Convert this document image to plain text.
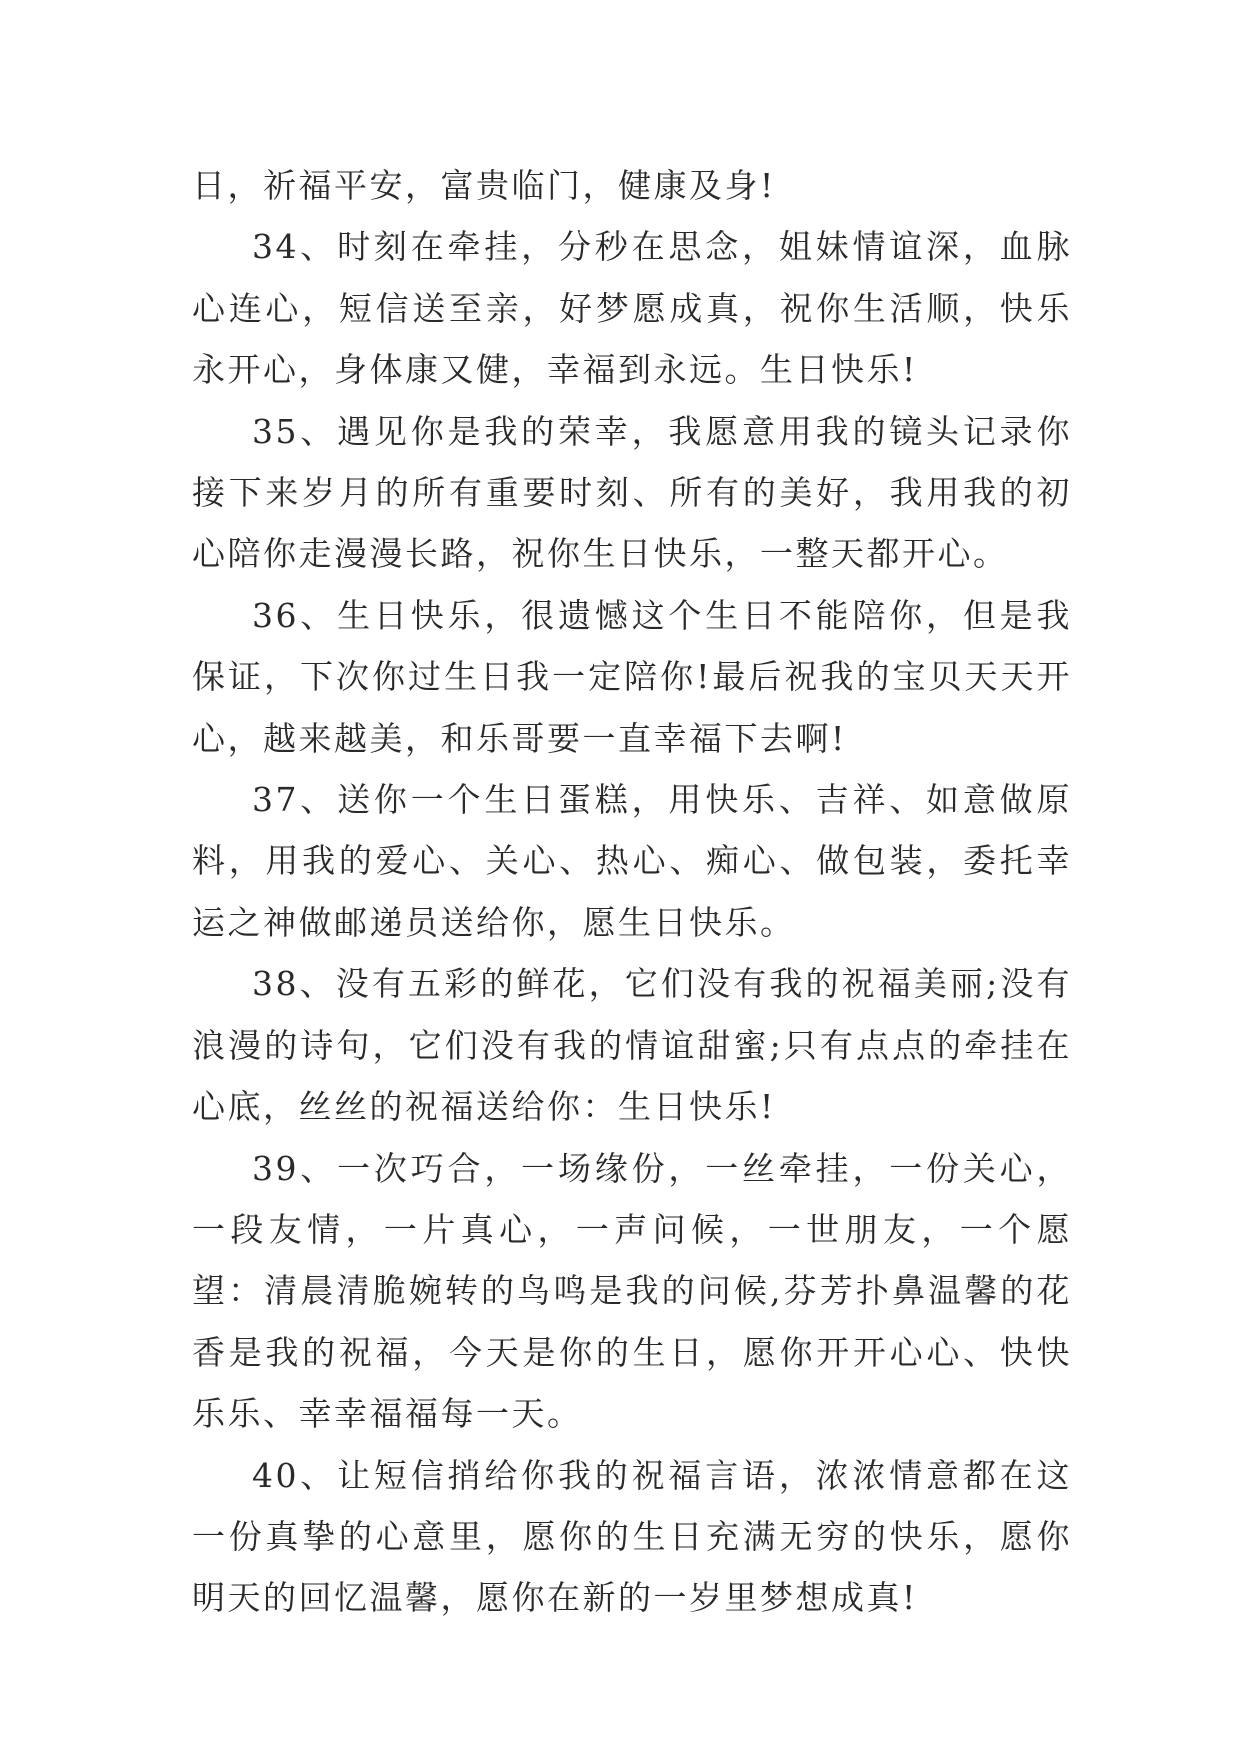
日，祈福平安，富贵临门，健康及身!

34、时刻在牵挂，分秒在思念，姐妹情谊深，血脉心连心，短信送至亲，好梦愿成真，祝你生活顺，快乐永开心，身体康又健，幸福到永远。生日快乐!

35、遇见你是我的荣幸，我愿意用我的镜头记录你接下来岁月的所有重要时刻、所有的美好，我用我的初心陪你走漫漫长路，祝你生日快乐，一整天都开心。

36、生日快乐，很遗憾这个生日不能陪你，但是我保证，下次你过生日我一定陪你!最后祝我的宝贝天天开心，越来越美，和乐哥要一直幸福下去啊!

37、送你一个生日蛋糕，用快乐、吉祥、如意做原料，用我的爱心、关心、热心、痴心、做包装，委托幸运之神做邮递员送给你，愿生日快乐。

38、没有五彩的鲜花，它们没有我的祝福美丽;没有浪漫的诗句，它们没有我的情谊甜蜜;只有点点的牵挂在心底，丝丝的祝福送给你：生日快乐!

39、一次巧合，一场缘份，一丝牵挂，一份关心，一段友情，一片真心，一声问候，一世朋友，一个愿望：清晨清脆婉转的鸟鸣是我的问候,芬芳扑鼻温馨的花香是我的祝福，今天是你的生日，愿你开开心心、快快乐乐、幸幸福福每一天。

40、让短信捎给你我的祝福言语，浓浓情意都在这一份真挚的心意里，愿你的生日充满无穷的快乐，愿你明天的回忆温馨，愿你在新的一岁里梦想成真!
